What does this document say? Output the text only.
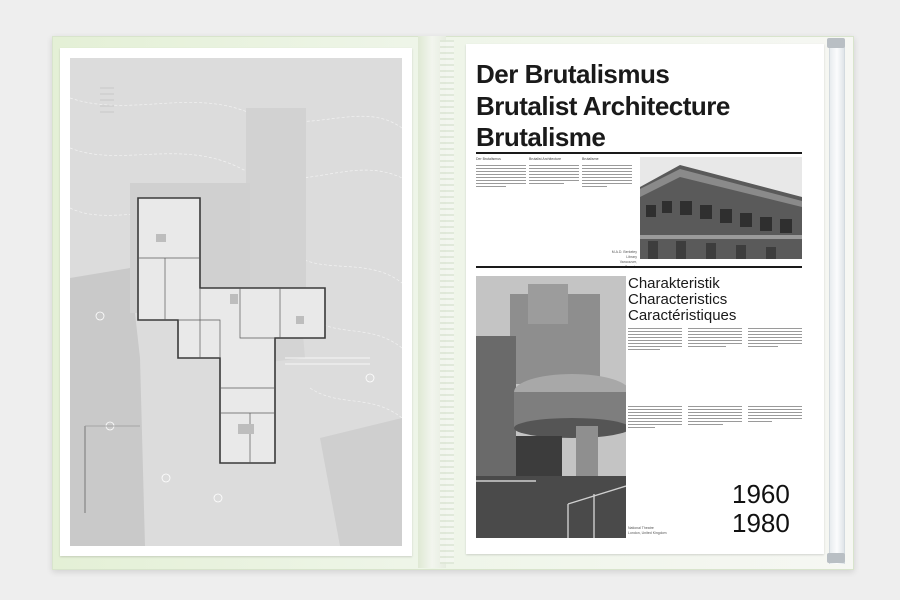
Der Brutalismus
Brutalist Architecture
Brutalisme
Der Brutalismus	Brutalist Architecture	Brutalisme
M.A.D. Berkeley Library
Vancouver,
National Theatre
London, United Kingdom
Charakteristik
Characteristics
Caractéristiques
1960
1980
